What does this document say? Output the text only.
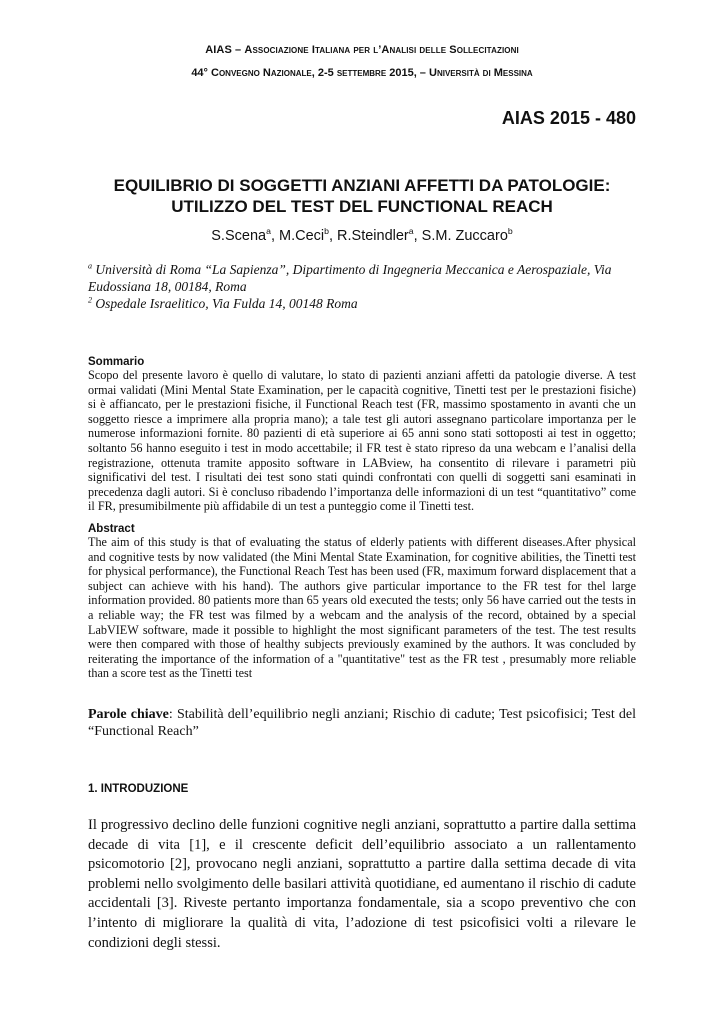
AIAS – Associazione Italiana per l’Analisi delle Sollecitazioni
44° Convegno Nazionale, 2-5 settembre 2015, – Università di Messina
AIAS 2015 - 480
EQUILIBRIO DI SOGGETTI ANZIANI AFFETTI DA PATOLOGIE:
UTILIZZO DEL TEST DEL FUNCTIONAL REACH
S.Scena$^a$, M.Ceci$^b$, R.Steindler$^a$, S.M. Zuccaro$^b$

$^a$ Università di Roma “La Sapienza”, Dipartimento di Ingegneria Meccanica e Aerospaziale, Via Eudossiana 18, 00184, Roma

$^2$ Ospedale Israelitico, Via Fulda 14, 00148 Roma

Sommario

Scopo del presente lavoro è quello di valutare, lo stato di pazienti anziani affetti da patologie diverse. A test ormai validati (Mini Mental State Examination, per le capacità cognitive, Tinetti test per le prestazioni fisiche) si è affiancato, per le prestazioni fisiche, il Functional Reach test (FR, massimo spostamento in avanti che un soggetto riesce a imprimere alla propria mano); a tale test gli autori assegnano particolare importanza per le numerose informazioni fornite. 80 pazienti di età superiore ai 65 anni sono stati sottoposti ai test in oggetto; soltanto 56 hanno eseguito i test in modo accettabile; il FR test è stato ripreso da una webcam e l’analisi della registrazione, ottenuta tramite apposito software in LABview, ha consentito di rilevare i parametri più significativi del test. I risultati dei test sono stati quindi confrontati con quelli di soggetti sani esaminati in precedenza dagli autori. Si è concluso ribadendo l’importanza delle informazioni di un test “quantitativo” come il FR, presumibilmente più affidabile di un test a punteggio come il Tinetti test.

Abstract

The aim of this study is that of evaluating the status of elderly patients with different diseases.After physical and cognitive tests by now validated (the Mini Mental State Examination, for cognitive abilities, the Tinetti test for physical performance), the Functional Reach Test has been used (FR, maximum forward displacement that a subject can achieve with his hand). The authors give particular importance to the FR test for thel large information provided. 80 patients more than 65 years old executed the tests; only 56 have carried out the tests in a reliable way; the FR test was filmed by a webcam and the analysis of the record, obtained by a special LabVIEW software, made it possible to highlight the most significant parameters of the test. The test results were then compared with those of healthy subjects previously examined by the authors. It was concluded by reiterating the importance of the information of a "quantitative" test as the FR test , presumably more reliable than a score test as the Tinetti test

Parole chiave: Stabilità dell’equilibrio negli anziani; Rischio di cadute; Test psicofisici; Test del “Functional Reach”

1. INTRODUZIONE

Il progressivo declino delle funzioni cognitive negli anziani, soprattutto a partire dalla settima decade di vita [1], e il crescente deficit dell’equilibrio associato a un rallentamento psicomotorio [2], provocano negli anziani, soprattutto a partire dalla settima decade di vita problemi nello svolgimento delle basilari attività quotidiane, ed aumentano il rischio di cadute accidentali [3]. Riveste pertanto importanza fondamentale, sia a scopo preventivo che con l’intento di migliorare la qualità di vita, l’adozione di test psicofisici volti a rilevare le condizioni degli stessi.
